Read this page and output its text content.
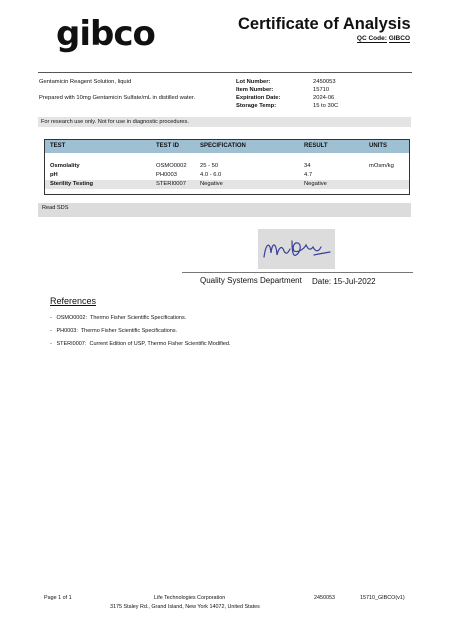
gibco	Certificate of Analysis
QC Code: GIBCO
Gentamicin Reagent Solution, liquid
Prepared with 10mg Gentamicin Sulfate/mL in distilled water.
Lot Number:	2450053
Item Number:	15710
Expiration Date:	2024-06
Storage Temp:	15 to 30C
For research use only. Not for use in diagnostic procedures.
TEST	TEST ID	SPECIFICATION	RESULT	UNITS
Osmolality	OSMO0002 25 - 50	34	mOsm/kg
pH	PH0003	4.0 - 6.0	4.7
Sterility Testing	STERI0007 Negative	Negative
Read SDS
Quality Systems Department Date: 15-Jul-2022
References
- OSMO0002: Thermo Fisher Scientific Specifications.
- PH0003: Thermo Fisher Scientific Specifications.
- STERI0007: Current Edition of USP, Thermo Fisher Scientific Modified.
Page 1 of 1	Life Technologies Corporation
3175 Staley Rd., Grand Island, New York 14072, United States
2450053	15710_GIBCO(v1)
